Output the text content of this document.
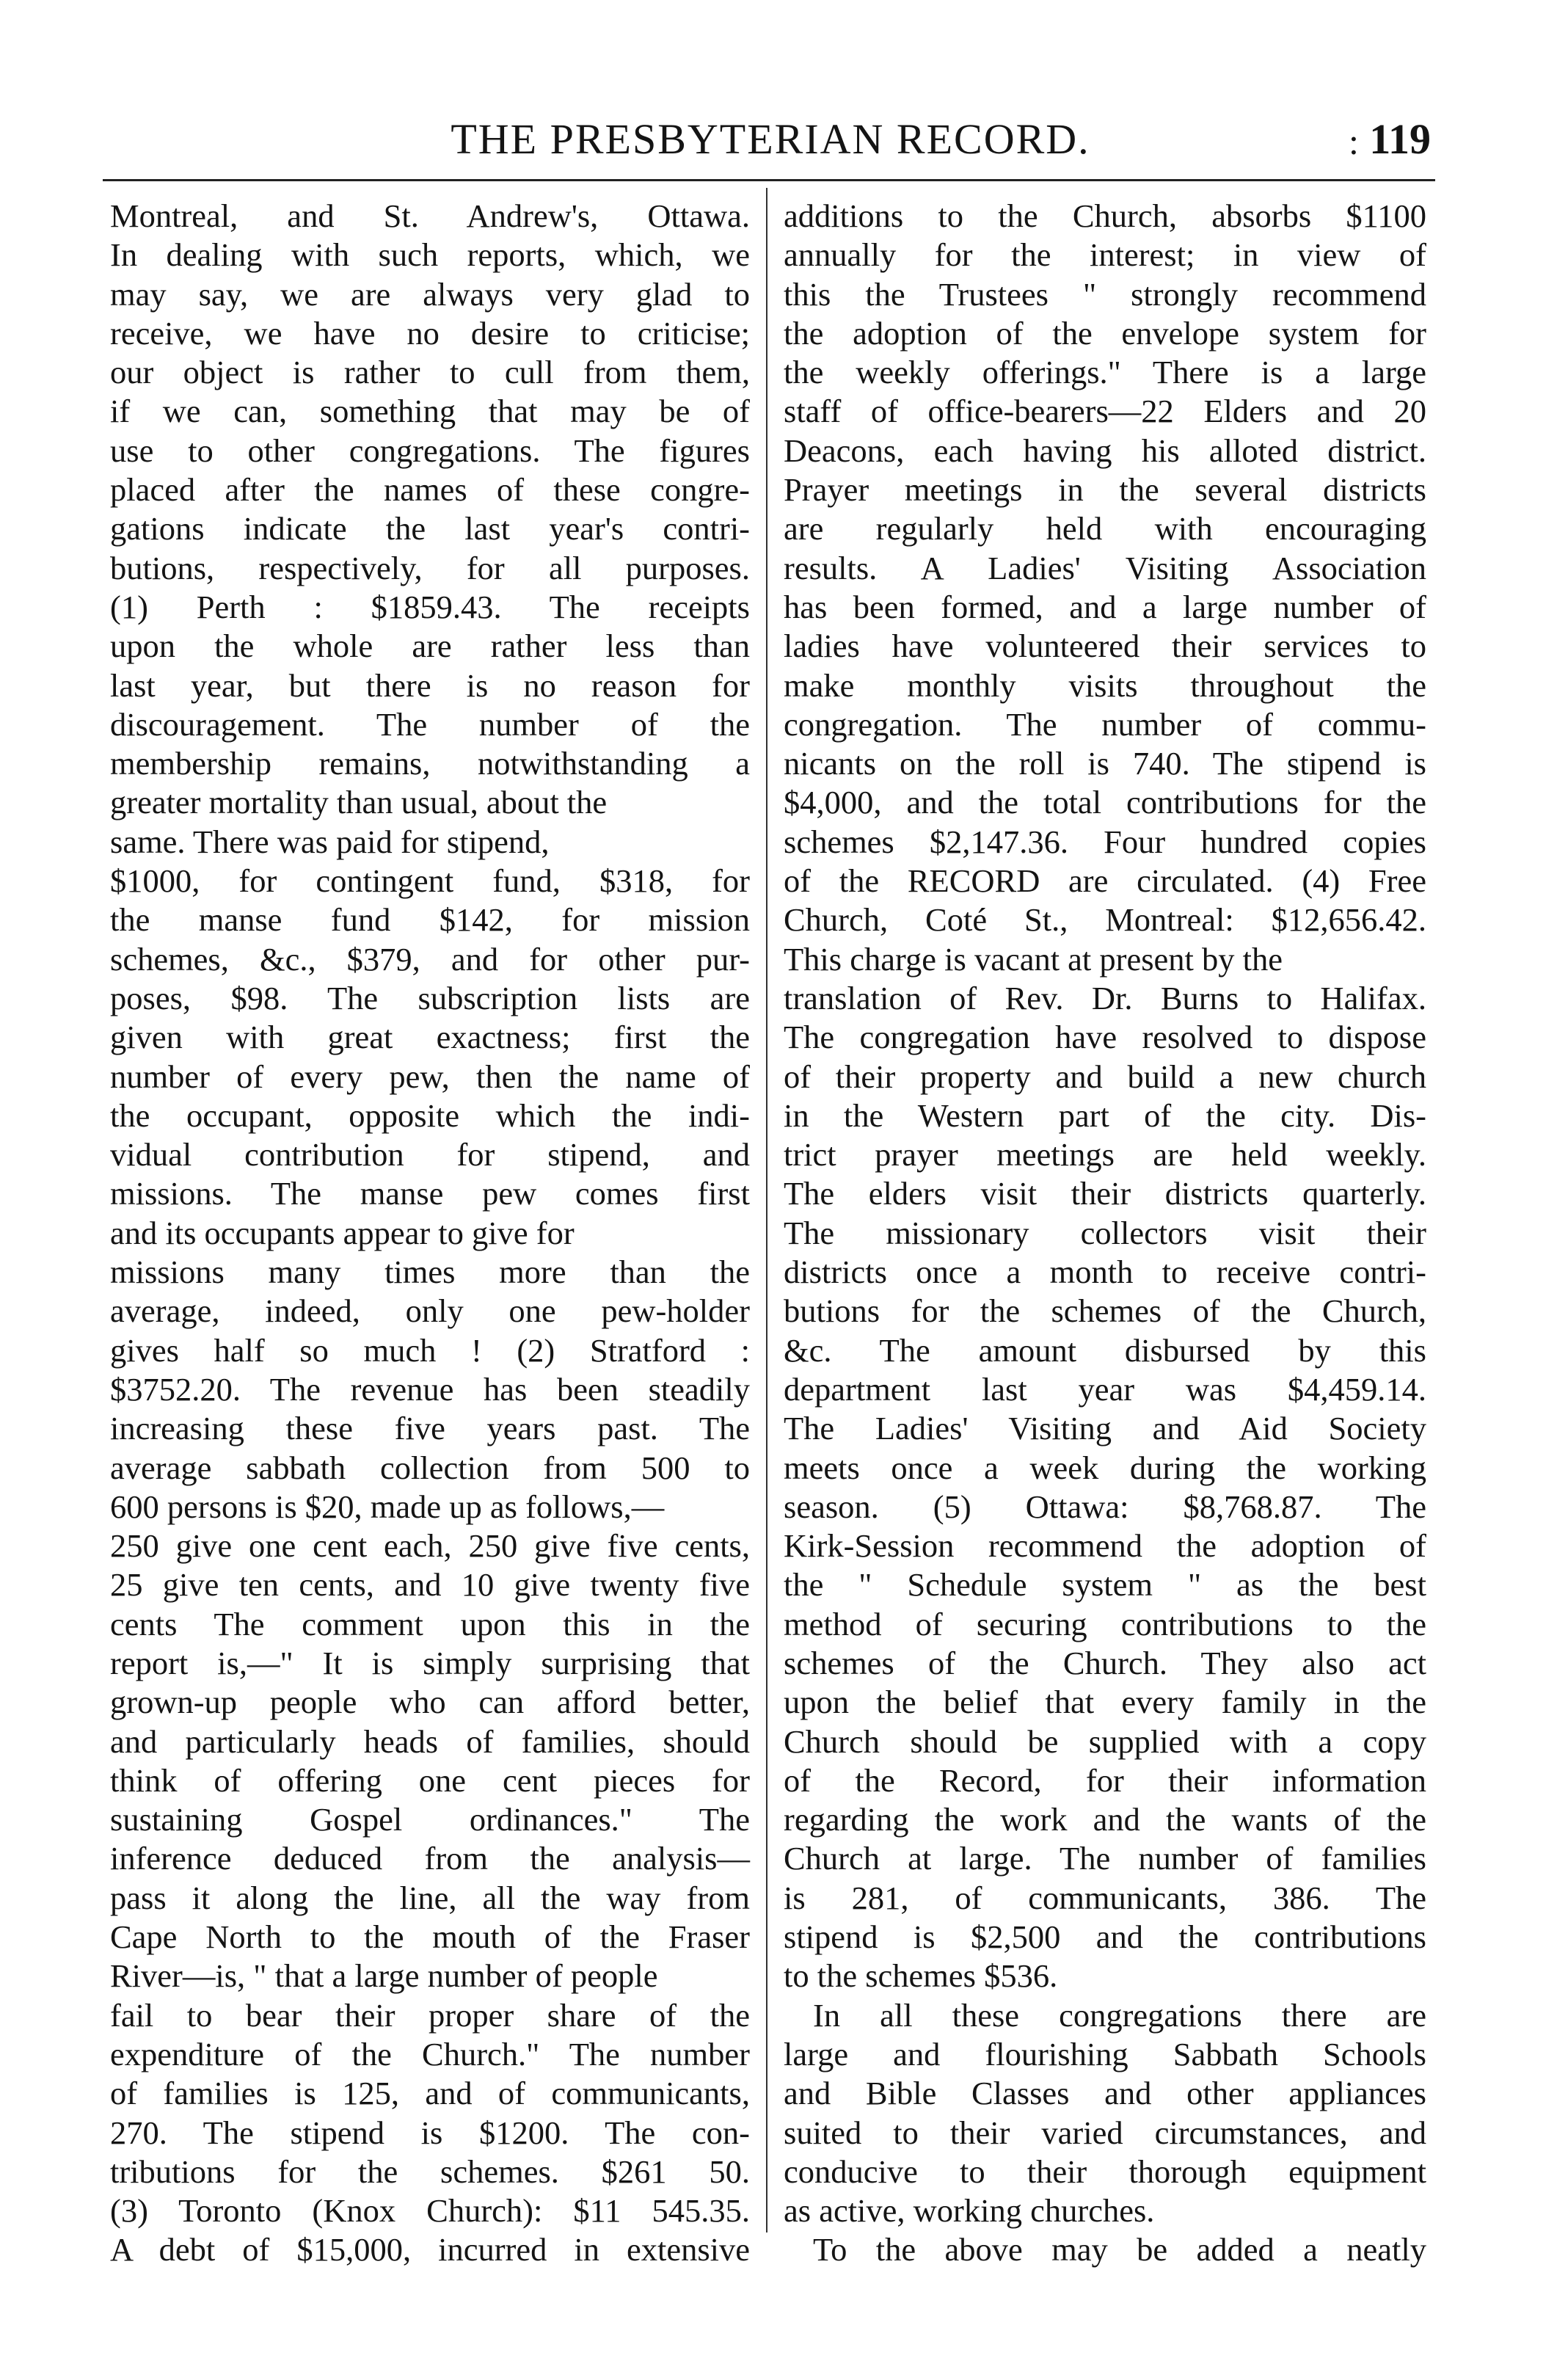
THE PRESBYTERIAN RECORD.	: 119
Montreal, and St. Andrew's, Ottawa.
In dealing with such reports, which, we
may say, we are always very glad to
receive, we have no desire to criticise;
our object is rather to cull from them,
if we can, something that may be of
use to other congregations. The figures
placed after the names of these congre-
gations indicate the last year's contri-
butions, respectively, for all purposes.
(1) Perth : $1859.43. The receipts
upon the whole are rather less than
last year, but there is no reason for
discouragement. The number of the
membership remains, notwithstanding a
greater mortality than usual, about the
same. There was paid for stipend,
$1000, for contingent fund, $318, for
the manse fund $142, for mission
schemes, &c., $379, and for other pur-
poses, $98. The subscription lists are
given with great exactness; first the
number of every pew, then the name of
the occupant, opposite which the indi-
vidual contribution for stipend, and
missions. The manse pew comes first
and its occupants appear to give for
missions many times more than the
average, indeed, only one pew-holder
gives half so much ! (2) Stratford :
$3752.20. The revenue has been steadily
increasing these five years past. The
average sabbath collection from 500 to
600 persons is $20, made up as follows,—
250 give one cent each, 250 give five cents,
25 give ten cents, and 10 give twenty five
cents The comment upon this in the
report is,—" It is simply surprising that
grown-up people who can afford better,
and particularly heads of families, should
think of offering one cent pieces for
sustaining Gospel ordinances." The
inference deduced from the analysis—
pass it along the line, all the way from
Cape North to the mouth of the Fraser
River—is, " that a large number of people
fail to bear their proper share of the
expenditure of the Church." The number
of families is 125, and of communicants,
270. The stipend is $1200. The con-
tributions for the schemes. $261 50.
(3) Toronto (Knox Church): $11 545.35.
A debt of $15,000, incurred in extensive
additions to the Church, absorbs $1100
annually for the interest; in view of
this the Trustees " strongly recommend
the adoption of the envelope system for
the weekly offerings." There is a large
staff of office-bearers—22 Elders and 20
Deacons, each having his alloted district.
Prayer meetings in the several districts
are regularly held with encouraging
results. A Ladies' Visiting Association
has been formed, and a large number of
ladies have volunteered their services to
make monthly visits throughout the
congregation. The number of commu-
nicants on the roll is 740. The stipend is
$4,000, and the total contributions for the
schemes $2,147.36. Four hundred copies
of the RECORD are circulated. (4) Free
Church, Coté St., Montreal: $12,656.42.
This charge is vacant at present by the
translation of Rev. Dr. Burns to Halifax.
The congregation have resolved to dispose
of their property and build a new church
in the Western part of the city. Dis-
trict prayer meetings are held weekly.
The elders visit their districts quarterly.
The missionary collectors visit their
districts once a month to receive contri-
butions for the schemes of the Church,
&c. The amount disbursed by this
department last year was $4,459.14.
The Ladies' Visiting and Aid Society
meets once a week during the working
season. (5) Ottawa: $8,768.87. The
Kirk-Session recommend the adoption of
the " Schedule system " as the best
method of securing contributions to the
schemes of the Church. They also act
upon the belief that every family in the
Church should be supplied with a copy
of the Record, for their information
regarding the work and the wants of the
Church at large. The number of families
is 281, of communicants, 386. The
stipend is $2,500 and the contributions
to the schemes $536.
In all these congregations there are
large and flourishing Sabbath Schools
and Bible Classes and other appliances
suited to their varied circumstances, and
conducive to their thorough equipment
as active, working churches.
To the above may be added a neatly
